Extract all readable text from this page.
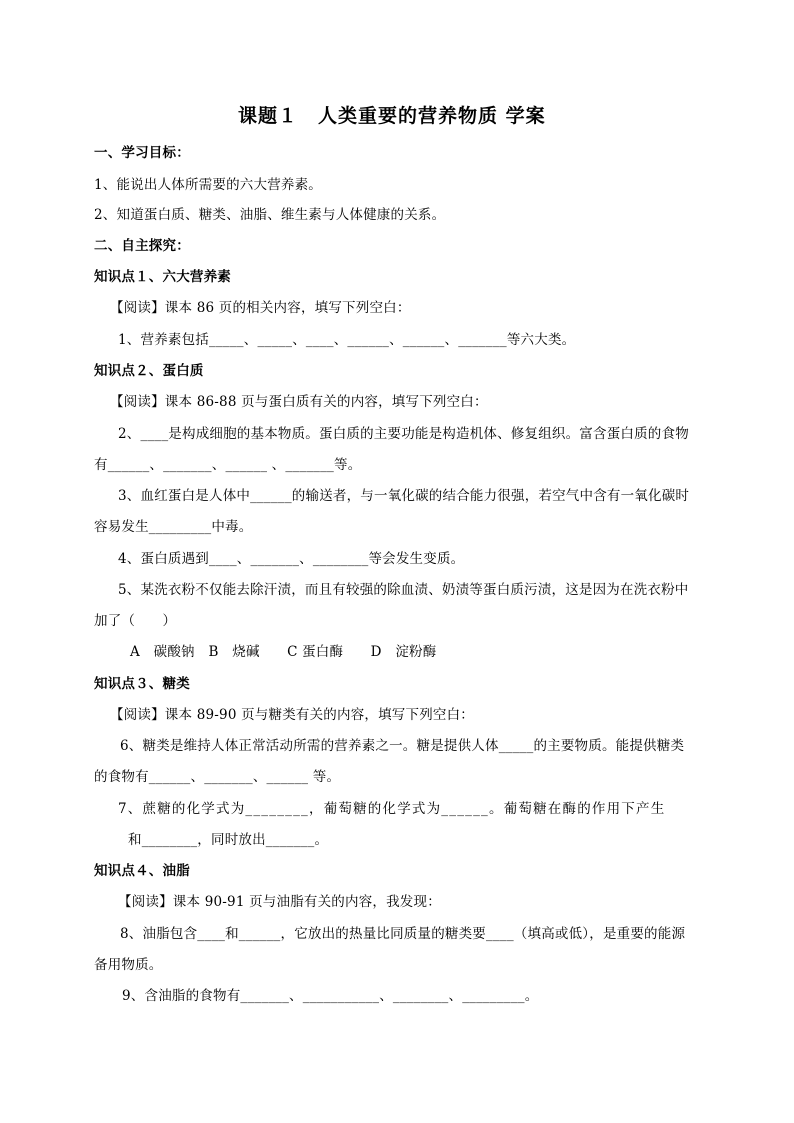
课题１　人类重要的营养物质 学案
一、学习目标：
1、能说出人体所需要的六大营养素。
2、知道蛋白质、糖类、油脂、维生素与人体健康的关系。
二、自主探究：
知识点１、六大营养素
【阅读】课本 86 页的相关内容，填写下列空白：
1、营养素包括_____、_____、____、______、______、_______等六大类。
知识点２、蛋白质
【阅读】课本 86-88 页与蛋白质有关的内容，填写下列空白：
2、____是构成细胞的基本物质。蛋白质的主要功能是构造机体、修复组织。富含蛋白质的食物
有______、_______、______ 、_______等。
3、血红蛋白是人体中______的输送者，与一氧化碳的结合能力很强，若空气中含有一氧化碳时
容易发生_________中毒。
4、蛋白质遇到____、_______、________等会发生变质。
5、某洗衣粉不仅能去除汗渍，而且有较强的除血渍、奶渍等蛋白质污渍，这是因为在洗衣粉中
加了（　　）
A　碳酸钠　B　烧碱　　C 蛋白酶　　D　淀粉酶
知识点３、糖类
【阅读】课本 89-90 页与糖类有关的内容，填写下列空白：
6、糖类是维持人体正常活动所需的营养素之一。糖是提供人体_____的主要物质。能提供糖类
的食物有______、_______、______ 等。
7、蔗糖的化学式为________，葡萄糖的化学式为______。葡萄糖在酶的作用下产生
和________，同时放出_______。
知识点４、油脂
【阅读】课本 90-91 页与油脂有关的内容，我发现：
8、油脂包含____和______，它放出的热量比同质量的糖类要____（填高或低），是重要的能源
备用物质。
9、含油脂的食物有_______、___________、________、_________。
